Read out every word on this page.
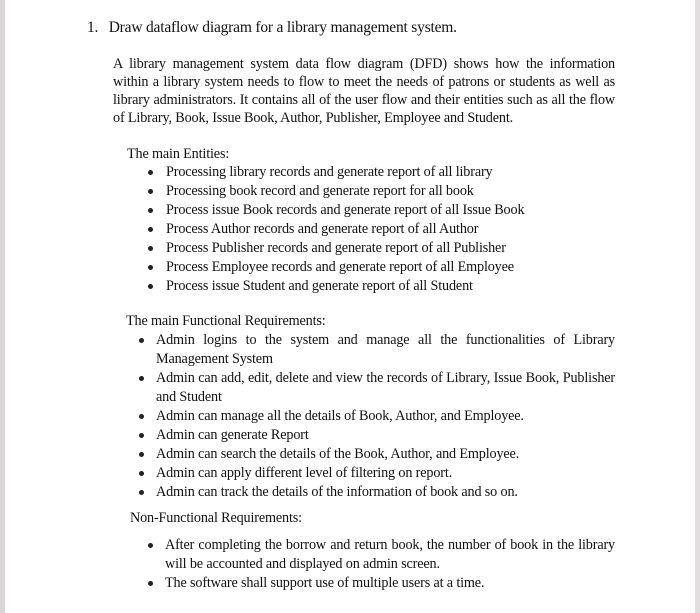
1. Draw dataflow diagram for a library management system.
A library management system data flow diagram (DFD) shows how the information within a library system needs to flow to meet the needs of patrons or students as well as library administrators. It contains all of the user flow and their entities such as all the flow of Library, Book, Issue Book, Author, Publisher, Employee and Student.
The main Entities:
Processing library records and generate report of all library
Processing book record and generate report for all book
Process issue Book records and generate report of all Issue Book
Process Author records and generate report of all Author
Process Publisher records and generate report of all Publisher
Process Employee records and generate report of all Employee
Process issue Student and generate report of all Student
The main Functional Requirements:
Admin logins to the system and manage all the functionalities of Library Management System
Admin can add, edit, delete and view the records of Library, Issue Book, Publisher and Student
Admin can manage all the details of Book, Author, and Employee.
Admin can generate Report
Admin can search the details of the Book, Author, and Employee.
Admin can apply different level of filtering on report.
Admin can track the details of the information of book and so on.
Non-Functional Requirements:
After completing the borrow and return book, the number of book in the library will be accounted and displayed on admin screen.
The software shall support use of multiple users at a time.
